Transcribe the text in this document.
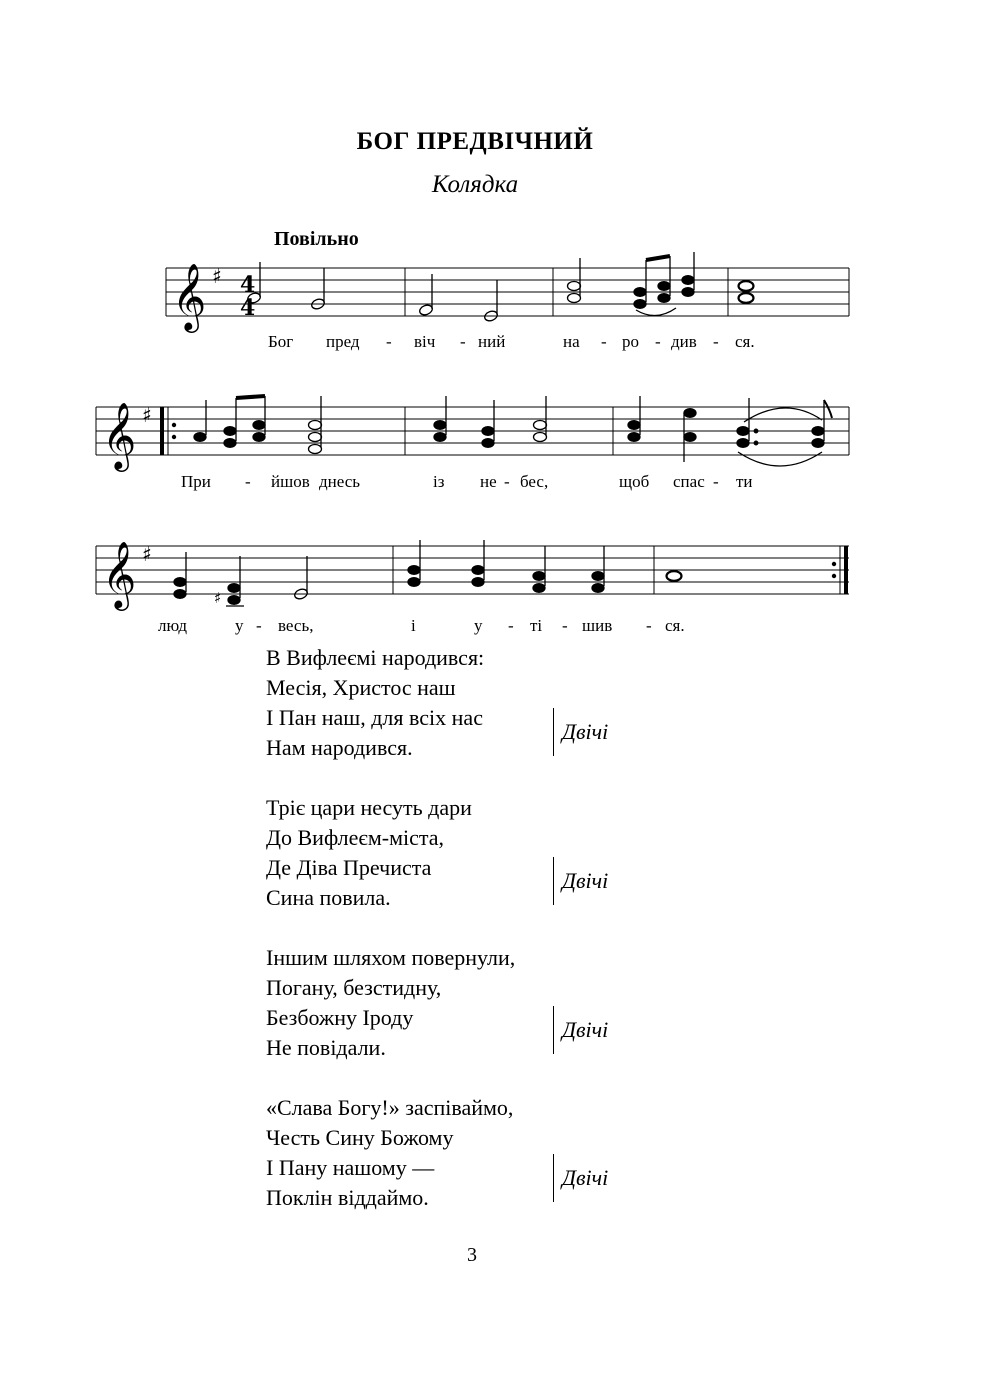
БОГ ПРЕДВІЧНИЙ
Колядка
Повільно
𝄞 ♯ 4
4
Бог пред - віч - ний	на - ро - див - ся.
𝄞 ♯
При - йшов днесь	із не - бес,	щоб спас - ти
𝄞 ♯
♯
люд	у - весь,	і	у - ті - шив - ся.
В Вифлеємі народився:
Месія, Христос наш
І Пан наш, для всіх нас
Нам народився.
Двічі
Тріє цари несуть дари
До Вифлеєм-міста,
Де Діва Пречиста
Сина повила.
Двічі
Іншим шляхом повернули,
Погану, безстидну,
Безбожну Іроду
Не повідали.
Двічі
«Слава Богу!» заспіваймо,
Честь Сину Божому
І Пану нашому —
Поклін віддаймо.
Двічі
3
